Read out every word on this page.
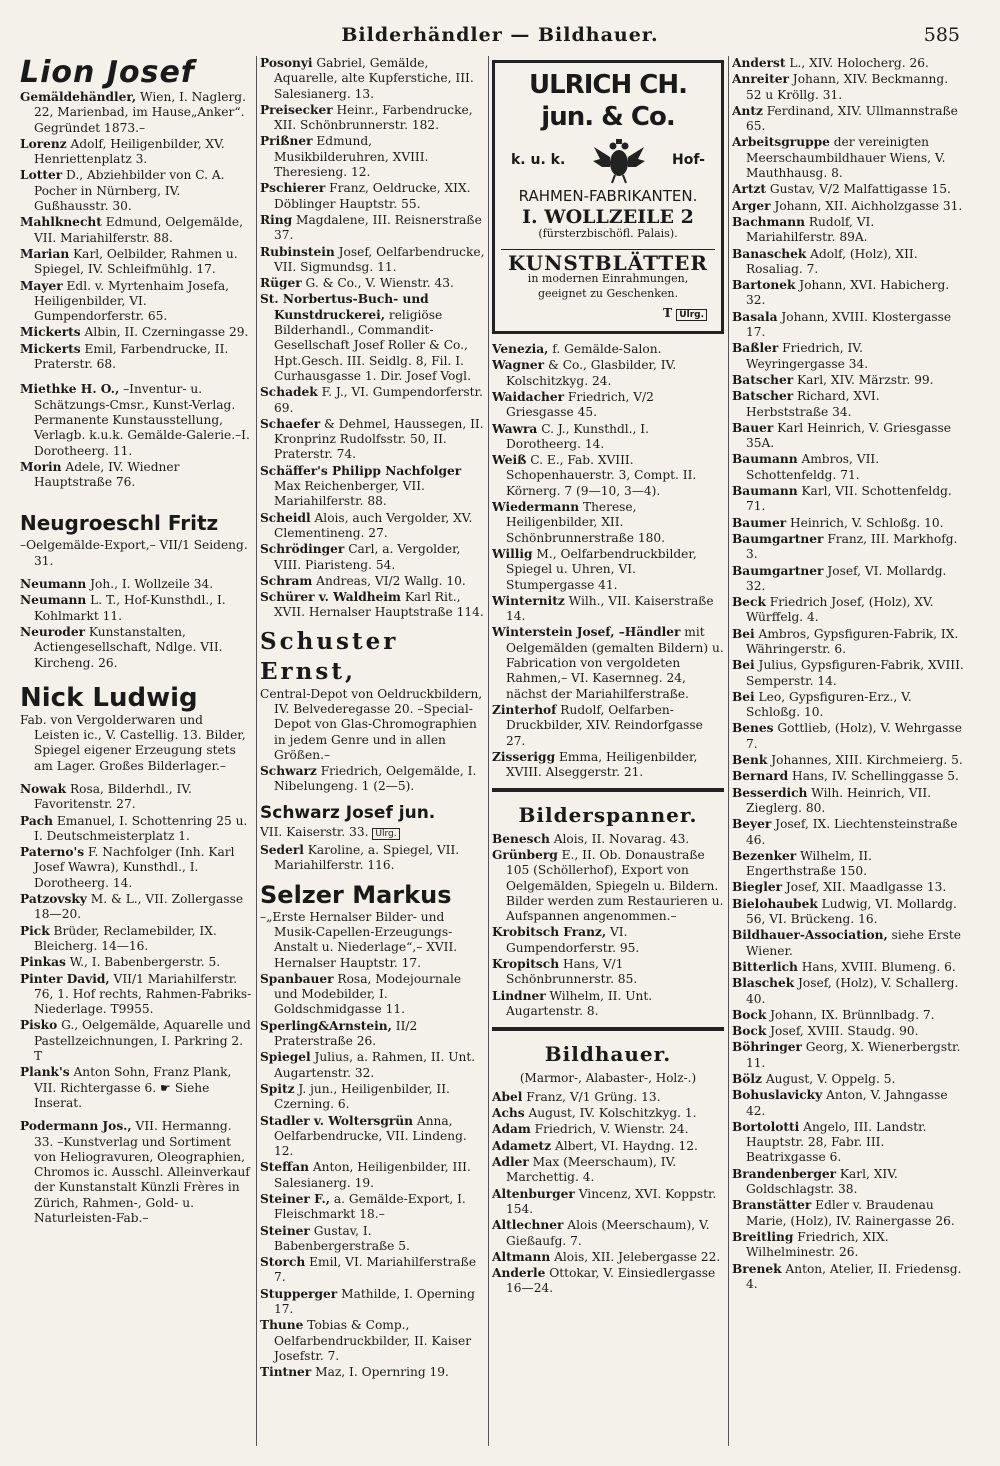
Bilderhändler — Bildhauer.	585
Lion Josef
Gemäldehändler, Wien, I. Naglerg. 22, Marienbad, im Hause„Anker“. Gegründet 1873.–
Lorenz Adolf, Heiligenbilder, XV. Henriettenplatz 3.
Lotter D., Abziehbilder von C. A. Pocher in Nürnberg, IV. Gußhausstr. 30.
Mahlknecht Edmund, Oelgemälde, VII. Mariahilferstr. 88.
Marian Karl, Oelbilder, Rahmen u. Spiegel, IV. Schleifmühlg. 17.
Mayer Edl. v. Myrtenhaim Josefa, Heiligenbilder, VI. Gumpendorferstr. 65.
Mickerts Albin, II. Czerningasse 29.
Mickerts Emil, Farbendrucke, II. Praterstr. 68.
Miethke H. O., –Inventur- u. Schätzungs-Cmsr., Kunst-Verlag. Permanente Kunstausstellung, Verlagb. k.u.k. Gemälde-Galerie.–I. Dorotheerg. 11.
Morin Adele, IV. Wiedner Hauptstraße 76.
Neugroeschl Fritz
–Oelgemälde-Export,– VII/1 Seideng. 31.
Neumann Joh., I. Wollzeile 34.
Neumann L. T., Hof-Kunsthdl., I. Kohlmarkt 11.
Neuroder Kunstanstalten, Actiengesellschaft, Ndlge. VII. Kircheng. 26.
Nick Ludwig
Fab. von Vergolderwaren und Leisten ic., V. Castellig. 13. Bilder, Spiegel eigener Erzeugung stets am Lager. Großes Bilderlager.–
Nowak Rosa, Bilderhdl., IV. Favoritenstr. 27.
Pach Emanuel, I. Schottenring 25 u. I. Deutschmeisterplatz 1.
Paterno's F. Nachfolger (Inh. Karl Josef Wawra), Kunsthdl., I. Dorotheerg. 14.
Patzovsky M. & L., VII. Zollergasse 18—20.
Pick Brüder, Reclamebilder, IX. Bleicherg. 14—16.
Pinkas W., I. Babenbergerstr. 5.
Pinter David, VII/1 Mariahilferstr. 76, 1. Hof rechts, Rahmen-Fabriks-Niederlage. T9955.
Pisko G., Oelgemälde, Aquarelle und Pastellzeichnungen, I. Parkring 2. T
Plank's Anton Sohn, Franz Plank, VII. Richtergasse 6. ☛ Siehe Inserat.
Podermann Jos., VII. Hermanng. 33. –Kunstverlag und Sortiment von Heliogravuren, Oleographien, Chromos ic. Ausschl. Alleinverkauf der Kunstanstalt Künzli Frères in Zürich, Rahmen-, Gold- u. Naturleisten-Fab.–
Posonyi Gabriel, Gemälde, Aquarelle, alte Kupferstiche, III. Salesianerg. 13.
Preisecker Heinr., Farbendrucke, XII. Schönbrunnerstr. 182.
Prißner Edmund, Musikbilderuhren, XVIII. Theresieng. 12.
Pschierer Franz, Oeldrucke, XIX. Döblinger Hauptstr. 55.
Ring Magdalene, III. Reisnerstraße 37.
Rubinstein Josef, Oelfarbendrucke, VII. Sigmundsg. 11.
Rüger G. & Co., V. Wienstr. 43.
St. Norbertus-Buch- und Kunstdruckerei, religiöse Bilderhandl., Commandit-Gesellschaft Josef Roller & Co., Hpt.Gesch. III. Seidlg. 8, Fil. I. Curhausgasse 1. Dir. Josef Vogl.
Schadek F. J., VI. Gumpendorferstr. 69.
Schaefer & Dehmel, Haussegen, II. Kronprinz Rudolfsstr. 50, II. Praterstr. 74.
Schäffer's Philipp Nachfolger Max Reichenberger, VII. Mariahilferstr. 88.
Scheidl Alois, auch Vergolder, XV. Clementineng. 27.
Schrödinger Carl, a. Vergolder, VIII. Piaristeng. 54.
Schram Andreas, VI/2 Wallg. 10.
Schürer v. Waldheim Karl Rit., XVII. Hernalser Hauptstraße 114.
Schuster Ernst,
Central-Depot von Oeldruckbildern, IV. Belvederegasse 20. –Special-Depot von Glas-Chromographien in jedem Genre und in allen Größen.–
Schwarz Friedrich, Oelgemälde, I. Nibelungeng. 1 (2—5).
Schwarz Josef jun.
VII. Kaiserstr. 33. Ulrg.
Sederl Karoline, a. Spiegel, VII. Mariahilferstr. 116.
Selzer Markus
–„Erste Hernalser Bilder- und Musik-Capellen-Erzeugungs-Anstalt u. Niederlage“,– XVII. Hernalser Hauptstr. 17.
Spanbauer Rosa, Modejournale und Modebilder, I. Goldschmidgasse 11.
Sperling&Arnstein, II/2 Praterstraße 26.
Spiegel Julius, a. Rahmen, II. Unt. Augartenstr. 32.
Spitz J. jun., Heiligenbilder, II. Czerning. 6.
Stadler v. Woltersgrün Anna, Oelfarbendrucke, VII. Lindeng. 12.
Steffan Anton, Heiligenbilder, III. Salesianerg. 19.
Steiner F., a. Gemälde-Export, I. Fleischmarkt 18.–
Steiner Gustav, I. Babenbergerstraße 5.
Storch Emil, VI. Mariahilferstraße 7.
Stupperger Mathilde, I. Operning 17.
Thune Tobias & Comp., Oelfarbendruckbilder, II. Kaiser Josefstr. 7.
Tintner Maz, I. Opernring 19.
ULRICH CH. jun. & Co.
k. u. k.	Hof-
RAHMEN-FABRIKANTEN.
I. WOLLZEILE 2
(fürsterzbischöfl. Palais).
KUNSTBLÄTTER
in modernen Einrahmungen,
geeignet zu Geschenken.
T Ulrg.
Venezia, f. Gemälde-Salon.
Wagner & Co., Glasbilder, IV. Kolschitzkyg. 24.
Waidacher Friedrich, V/2 Griesgasse 45.
Wawra C. J., Kunsthdl., I. Dorotheerg. 14.
Weiß C. E., Fab. XVIII. Schopenhauerstr. 3, Compt. II. Körnerg. 7 (9—10, 3—4).
Wiedermann Therese, Heiligenbilder, XII. Schönbrunnerstraße 180.
Willig M., Oelfarbendruckbilder, Spiegel u. Uhren, VI. Stumpergasse 41.
Winternitz Wilh., VII. Kaiserstraße 14.
Winterstein Josef, –Händler mit Oelgemälden (gemalten Bildern) u. Fabrication von vergoldeten Rahmen,– VI. Kasernneg. 24, nächst der Mariahilferstraße.
Zinterhof Rudolf, Oelfarben-Druckbilder, XIV. Reindorfgasse 27.
Zisserigg Emma, Heiligenbilder, XVIII. Alseggerstr. 21.
Bilderspanner.
Benesch Alois, II. Novarag. 43.
Grünberg E., II. Ob. Donaustraße 105 (Schöllerhof), Export von Oelgemälden, Spiegeln u. Bildern. Bilder werden zum Restaurieren u. Aufspannen angenommen.–
Krobitsch Franz, VI. Gumpendorferstr. 95.
Kropitsch Hans, V/1 Schönbrunnerstr. 85.
Lindner Wilhelm, II. Unt. Augartenstr. 8.
Bildhauer.
(Marmor-, Alabaster-, Holz-.)
Abel Franz, V/1 Grüng. 13.
Achs August, IV. Kolschitzkyg. 1.
Adam Friedrich, V. Wienstr. 24.
Adametz Albert, VI. Haydng. 12.
Adler Max (Meerschaum), IV. Marchettig. 4.
Altenburger Vincenz, XVI. Koppstr. 154.
Altlechner Alois (Meerschaum), V. Gießaufg. 7.
Altmann Alois, XII. Jelebergasse 22.
Anderle Ottokar, V. Einsiedlergasse 16—24.
Anderst L., XIV. Holocherg. 26.
Anreiter Johann, XIV. Beckmanng. 52 u Kröllg. 31.
Antz Ferdinand, XIV. Ullmannstraße 65.
Arbeitsgruppe der vereinigten Meerschaumbildhauer Wiens, V. Mauthhausg. 8.
Artzt Gustav, V/2 Malfattigasse 15.
Arger Johann, XII. Aichholzgasse 31.
Bachmann Rudolf, VI. Mariahilferstr. 89A.
Banaschek Adolf, (Holz), XII. Rosaliag. 7.
Bartonek Johann, XVI. Habicherg. 32.
Basala Johann, XVIII. Klostergasse 17.
Baßler Friedrich, IV. Weyringergasse 34.
Batscher Karl, XIV. Märzstr. 99.
Batscher Richard, XVI. Herbststraße 34.
Bauer Karl Heinrich, V. Griesgasse 35A.
Baumann Ambros, VII. Schottenfeldg. 71.
Baumann Karl, VII. Schottenfeldg. 71.
Baumer Heinrich, V. Schloßg. 10.
Baumgartner Franz, III. Markhofg. 3.
Baumgartner Josef, VI. Mollardg. 32.
Beck Friedrich Josef, (Holz), XV. Würffelg. 4.
Bei Ambros, Gypsfiguren-Fabrik, IX. Währingerstr. 6.
Bei Julius, Gypsfiguren-Fabrik, XVIII. Semperstr. 14.
Bei Leo, Gypsfiguren-Erz., V. Schloßg. 10.
Benes Gottlieb, (Holz), V. Wehrgasse 7.
Benk Johannes, XIII. Kirchmeierg. 5.
Bernard Hans, IV. Schellinggasse 5.
Besserdich Wilh. Heinrich, VII. Zieglerg. 80.
Beyer Josef, IX. Liechtensteinstraße 46.
Bezenker Wilhelm, II. Engerthstraße 150.
Biegler Josef, XII. Maadlgasse 13.
Bielohaubek Ludwig, VI. Mollardg. 56, VI. Brückeng. 16.
Bildhauer-Association, siehe Erste Wiener.
Bitterlich Hans, XVIII. Blumeng. 6.
Blaschek Josef, (Holz), V. Schallerg. 40.
Bock Johann, IX. Brünnlbadg. 7.
Bock Josef, XVIII. Staudg. 90.
Böhringer Georg, X. Wienerbergstr. 11.
Bölz August, V. Oppelg. 5.
Bohuslavicky Anton, V. Jahngasse 42.
Bortolotti Angelo, III. Landstr. Hauptstr. 28, Fabr. III. Beatrixgasse 6.
Brandenberger Karl, XIV. Goldschlagstr. 38.
Branstätter Edler v. Braudenau Marie, (Holz), IV. Rainergasse 26.
Breitling Friedrich, XIX. Wilhelminestr. 26.
Brenek Anton, Atelier, II. Friedensg. 4.
